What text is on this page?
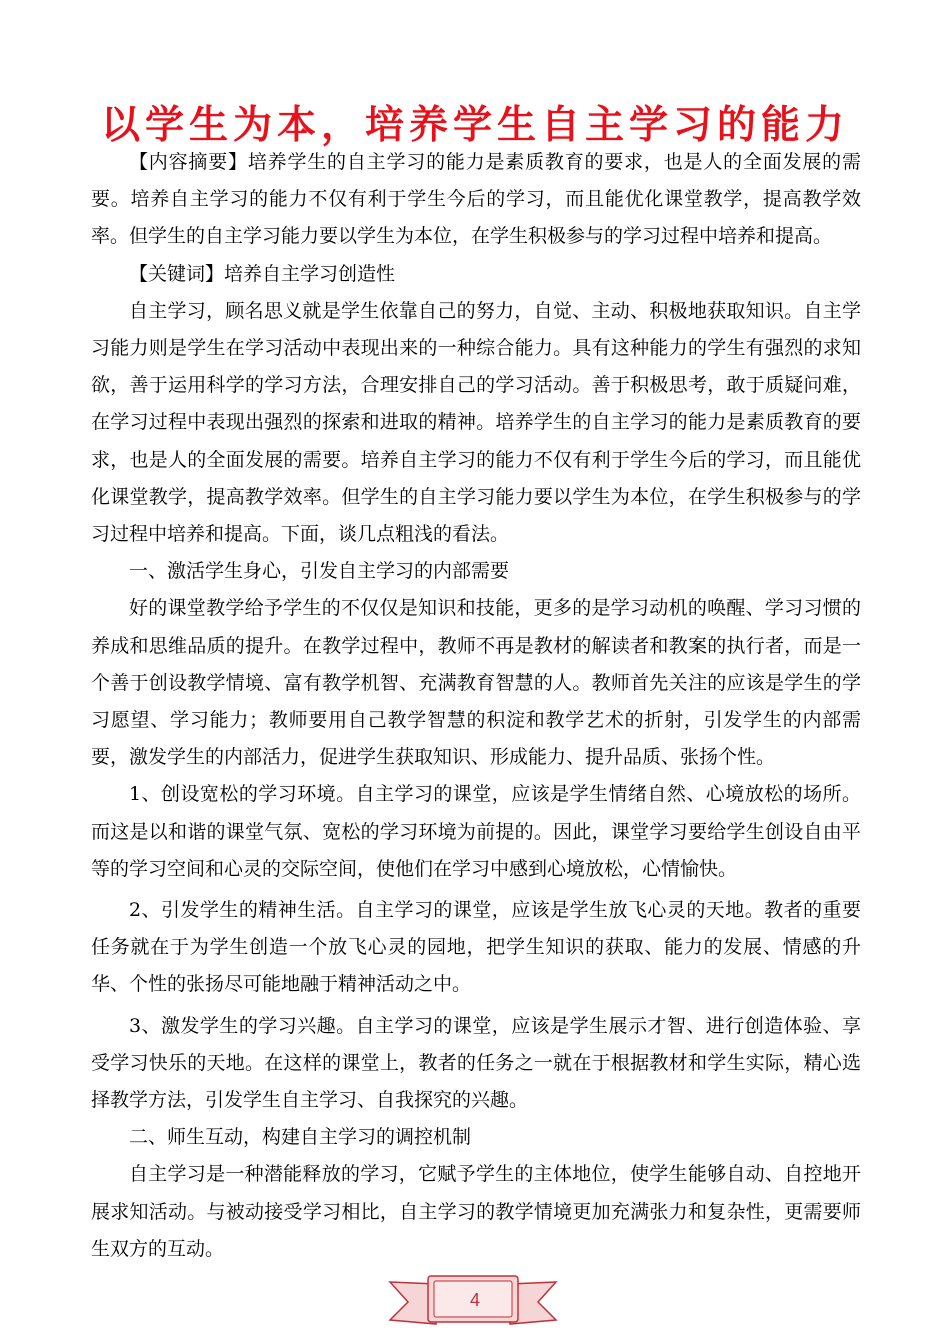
以学生为本，培养学生自主学习的能力

【内容摘要】培养学生的自主学习的能力是素质教育的要求，也是人的全面发展的需要。培养自主学习的能力不仅有利于学生今后的学习，而且能优化课堂教学，提高教学效率。但学生的自主学习能力要以学生为本位，在学生积极参与的学习过程中培养和提高。

【关键词】培养自主学习创造性

自主学习，顾名思义就是学生依靠自己的努力，自觉、主动、积极地获取知识。自主学习能力则是学生在学习活动中表现出来的一种综合能力。具有这种能力的学生有强烈的求知欲，善于运用科学的学习方法，合理安排自己的学习活动。善于积极思考，敢于质疑问难，在学习过程中表现出强烈的探索和进取的精神。培养学生的自主学习的能力是素质教育的要求，也是人的全面发展的需要。培养自主学习的能力不仅有利于学生今后的学习，而且能优化课堂教学，提高教学效率。但学生的自主学习能力要以学生为本位，在学生积极参与的学习过程中培养和提高。下面，谈几点粗浅的看法。

一、激活学生身心，引发自主学习的内部需要

好的课堂教学给予学生的不仅仅是知识和技能，更多的是学习动机的唤醒、学习习惯的养成和思维品质的提升。在教学过程中，教师不再是教材的解读者和教案的执行者，而是一个善于创设教学情境、富有教学机智、充满教育智慧的人。教师首先关注的应该是学生的学习愿望、学习能力；教师要用自己教学智慧的积淀和教学艺术的折射，引发学生的内部需要，激发学生的内部活力，促进学生获取知识、形成能力、提升品质、张扬个性。

1、创设宽松的学习环境。自主学习的课堂，应该是学生情绪自然、心境放松的场所。而这是以和谐的课堂气氛、宽松的学习环境为前提的。因此，课堂学习要给学生创设自由平等的学习空间和心灵的交际空间，使他们在学习中感到心境放松，心情愉快。

2、引发学生的精神生活。自主学习的课堂，应该是学生放飞心灵的天地。教者的重要任务就在于为学生创造一个放飞心灵的园地，把学生知识的获取、能力的发展、情感的升华、个性的张扬尽可能地融于精神活动之中。

3、激发学生的学习兴趣。自主学习的课堂，应该是学生展示才智、进行创造体验、享受学习快乐的天地。在这样的课堂上，教者的任务之一就在于根据教材和学生实际，精心选择教学方法，引发学生自主学习、自我探究的兴趣。

二、师生互动，构建自主学习的调控机制

自主学习是一种潜能释放的学习，它赋予学生的主体地位，使学生能够自动、自控地开展求知活动。与被动接受学习相比，自主学习的教学情境更加充满张力和复杂性，更需要师生双方的互动。

4
